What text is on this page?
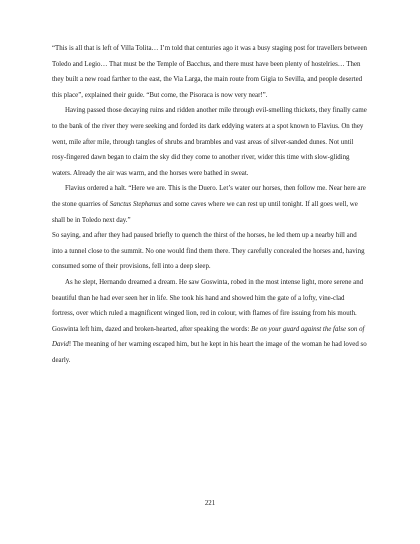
“This is all that is left of Villa Tolita… I’m told that centuries ago it was a busy staging post for travellers between Toledo and Legio… That must be the Temple of Bacchus, and there must have been plenty of hostelries… Then they built a new road farther to the east, the Via Larga, the main route from Gigia to Sevilla, and people deserted this place”, explained their guide. “But come, the Pisoraca is now very near!”.

Having passed those decaying ruins and ridden another mile through evil-smelling thickets, they finally came to the bank of the river they were seeking and forded its dark eddying waters at a spot known to Flavius. On they went, mile after mile, through tangles of shrubs and brambles and vast areas of silver-sanded dunes. Not until rosy-fingered dawn began to claim the sky did they come to another river, wider this time with slow-gliding waters. Already the air was warm, and the horses were bathed in sweat.

Flavius ordered a halt. “Here we are. This is the Duero. Let’s water our horses, then follow me. Near here are the stone quarries of Sanctus Stephanus and some caves where we can rest up until tonight. If all goes well, we shall be in Toledo next day.”

So saying, and after they had paused briefly to quench the thirst of the horses, he led them up a nearby hill and into a tunnel close to the summit. No one would find them there. They carefully concealed the horses and, having consumed some of their provisions, fell into a deep sleep.

As he slept, Hernando dreamed a dream. He saw Goswinta, robed in the most intense light, more serene and beautiful than he had ever seen her in life. She took his hand and showed him the gate of a lofty, vine-clad fortress, over which ruled a magnificent winged lion, red in colour, with flames of fire issuing from his mouth. Goswinta left him, dazed and broken-hearted, after speaking the words: Be on your guard against the false son of David! The meaning of her warning escaped him, but he kept in his heart the image of the woman he had loved so dearly.

221
